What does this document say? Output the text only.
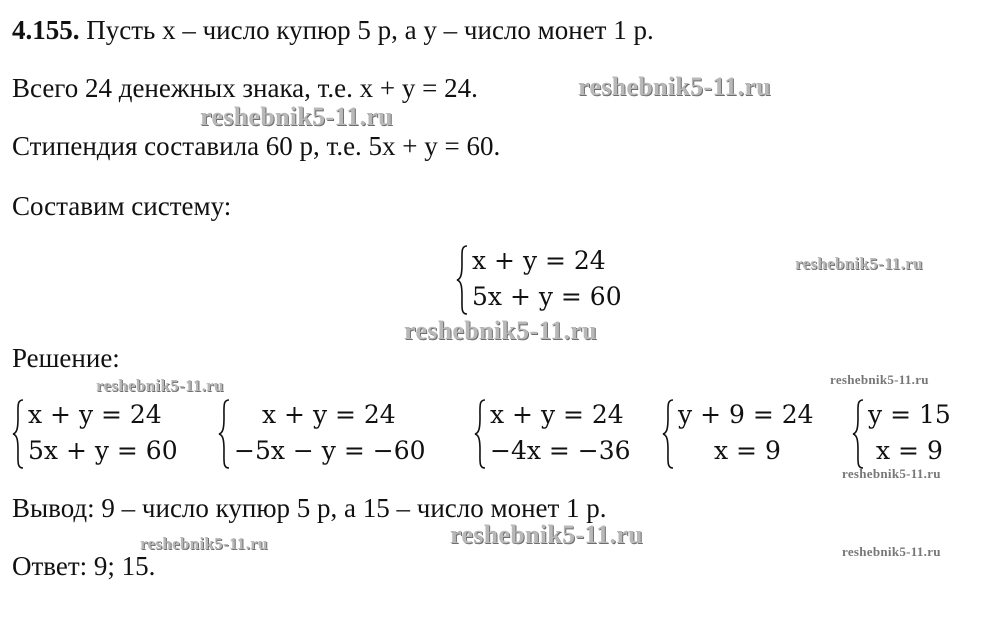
4.155. Пусть x – число купюр 5 р, а y – число монет 1 р.
Всего 24 денежных знака, т.е. x + y = 24.
Стипендия составила 60 р, т.е. 5x + y = 60.
Составим систему:
x + y = 24
5x + y = 60
Решение:
x + y = 24
5x + y = 60
x + y = 24
−5x − y = −60
x + y = 24
−4x = −36
y + 9 = 24
x = 9
y = 15
x = 9
Вывод: 9 – число купюр 5 р, а 15 – число монет 1 р.
Ответ: 9; 15.
reshebnik5-11.ru
reshebnik5-11.ru
reshebnik5-11.ru
reshebnik5-11.ru
reshebnik5-11.ru	reshebnik5-11.ru
reshebnik5-11.ru
reshebnik5-11.ru
reshebnik5-11.ru	reshebnik5-11.ru
